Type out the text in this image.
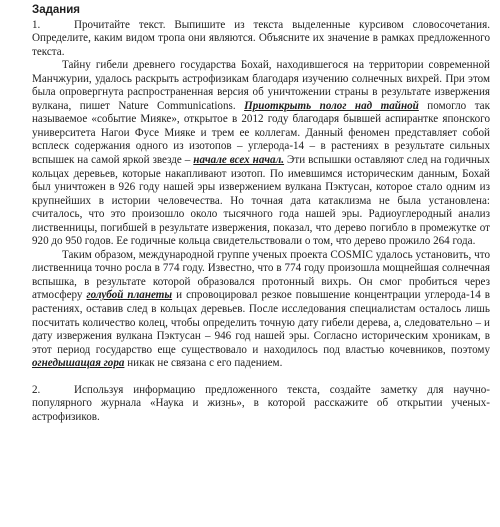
Задания

1.	Прочитайте текст. Выпишите из текста выделенные курсивом словосочетания. Определите, каким видом тропа они являются. Объясните их значение в рамках предложенного текста.

Тайну гибели древнего государства Бохай, находившегося на территории современной Манчжурии, удалось раскрыть астрофизикам благодаря изучению солнечных вихрей. При этом была опровергнута распространенная версия об уничтожении страны в результате извержения вулкана, пишет Nature Communications. Приоткрыть полог над тайной помогло так называемое «событие Мияке», открытое в 2012 году благодаря бывшей аспирантке японского университета Нагои Фусе Мияке и трем ее коллегам. Данный феномен представляет собой всплеск содержания одного из изотопов – углерода-14 – в растениях в результате сильных вспышек на самой яркой звезде – начале всех начал. Эти вспышки оставляют след на годичных кольцах деревьев, которые накапливают изотоп. По имевшимся историческим данным, Бохай был уничтожен в 926 году нашей эры извержением вулкана Пэктусан, которое стало одним из крупнейших в истории человечества. Но точная дата катаклизма не была установлена: считалось, что это произошло около тысячного года нашей эры. Радиоуглеродный анализ лиственницы, погибшей в результате извержения, показал, что дерево погибло в промежутке от 920 до 950 годов. Ее годичные кольца свидетельствовали о том, что дерево прожило 264 года.

Таким образом, международной группе ученых проекта COSMIC удалось установить, что лиственница точно росла в 774 году. Известно, что в 774 году произошла мощнейшая солнечная вспышка, в результате которой образовался протонный вихрь. Он смог пробиться через атмосферу голубой планеты и спровоцировал резкое повышение концентрации углерода-14 в растениях, оставив след в кольцах деревьев. После исследования специалистам осталось лишь посчитать количество колец, чтобы определить точную дату гибели дерева, а, следовательно – и дату извержения вулкана Пэктусан – 946 год нашей эры. Согласно историческим хроникам, в этот период государство еще существовало и находилось под властью кочевников, поэтому огнедышащая гора никак не связана с его падением.

2.	Используя информацию предложенного текста, создайте заметку для научно- популярного журнала «Наука и жизнь», в которой расскажите об открытии ученых- астрофизиков.
